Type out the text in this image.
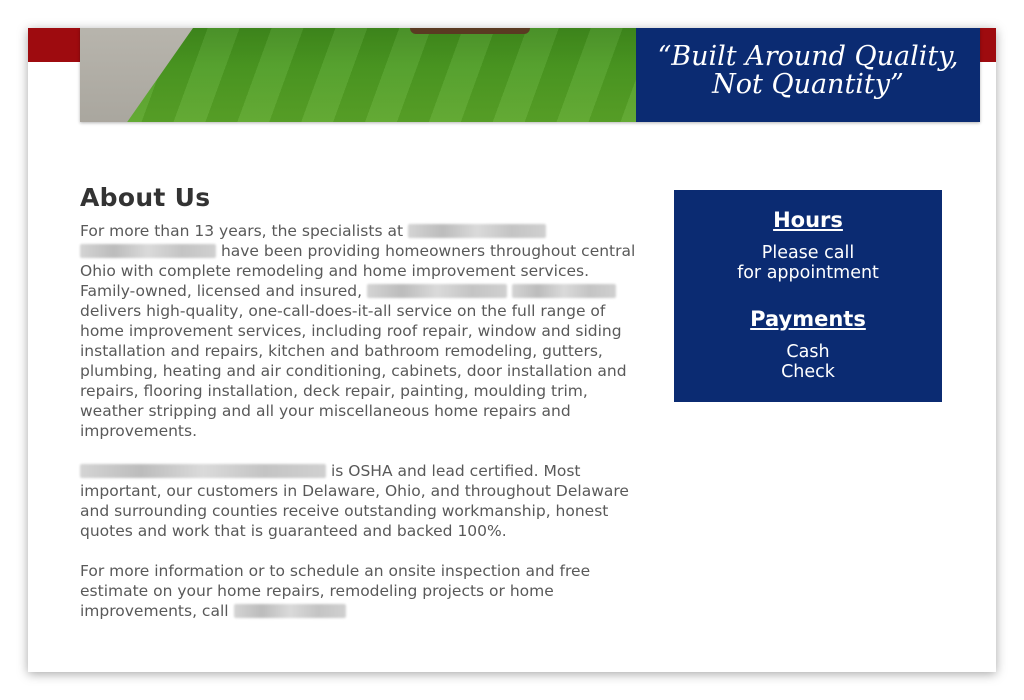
“Built Around Quality,
Not Quantity”
About Us

For more than 13 years, the specialists at   have been providing homeowners throughout central Ohio with complete remodeling and home improvement services. Family-owned, licensed and insured,   delivers high-quality, one-call-does-it-all service on the full range of home improvement services, including roof repair, window and siding installation and repairs, kitchen and bathroom remodeling, gutters, plumbing, heating and air conditioning, cabinets, door installation and repairs, flooring installation, deck repair, painting, moulding trim, weather stripping and all your miscellaneous home repairs and improvements.

is OSHA and lead certified. Most important, our customers in Delaware, Ohio, and throughout Delaware and surrounding counties receive outstanding workmanship, honest quotes and work that is guaranteed and backed 100%.

For more information or to schedule an onsite inspection and free estimate on your home repairs, remodeling projects or home improvements, call

Hours
Please call
for appointment
Payments
Cash
Check
